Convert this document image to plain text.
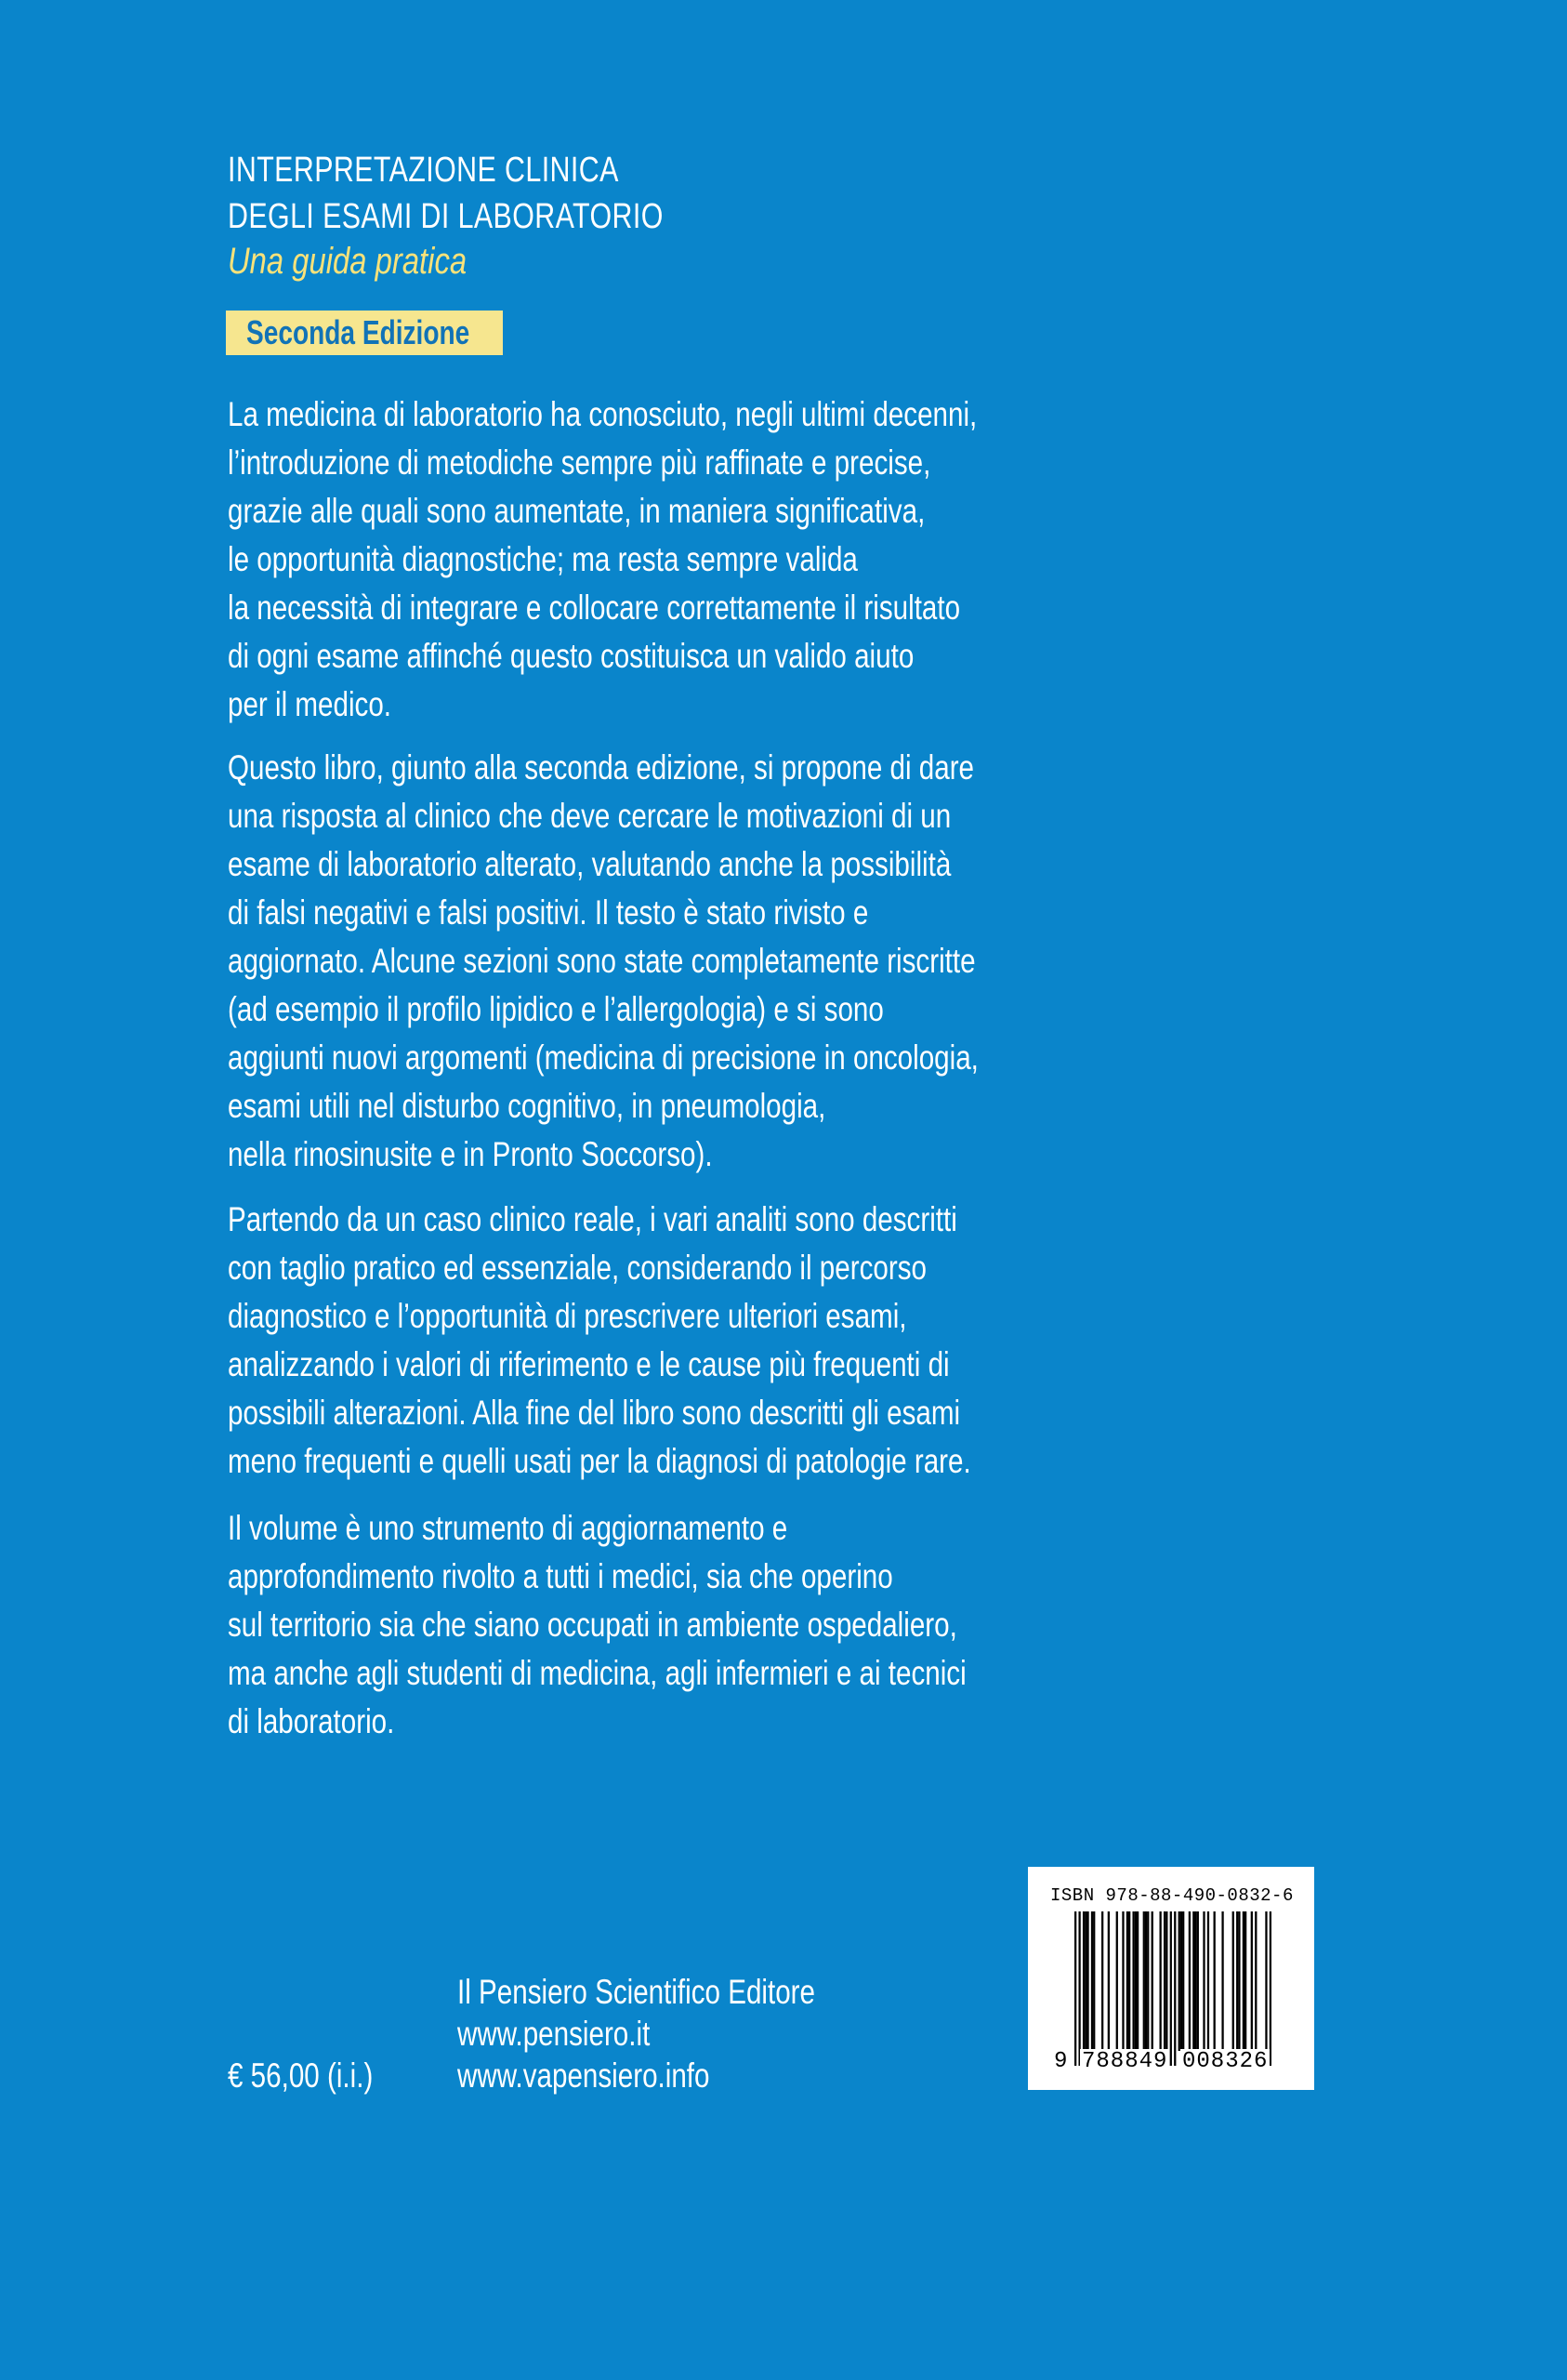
INTERPRETAZIONE CLINICA
DEGLI ESAMI DI LABORATORIO
Una guida pratica
Seconda Edizione
La medicina di laboratorio ha conosciuto, negli ultimi decenni,
l’introduzione di metodiche sempre più raffinate e precise,
grazie alle quali sono aumentate, in maniera significativa,
le opportunità diagnostiche; ma resta sempre valida
la necessità di integrare e collocare correttamente il risultato
di ogni esame affinché questo costituisca un valido aiuto
per il medico.
Questo libro, giunto alla seconda edizione, si propone di dare
una risposta al clinico che deve cercare le motivazioni di un
esame di laboratorio alterato, valutando anche la possibilità
di falsi negativi e falsi positivi. Il testo è stato rivisto e
aggiornato. Alcune sezioni sono state completamente riscritte
(ad esempio il profilo lipidico e l’allergologia) e si sono
aggiunti nuovi argomenti (medicina di precisione in oncologia,
esami utili nel disturbo cognitivo, in pneumologia,
nella rinosinusite e in Pronto Soccorso).
Partendo da un caso clinico reale, i vari analiti sono descritti
con taglio pratico ed essenziale, considerando il percorso
diagnostico e l’opportunità di prescrivere ulteriori esami,
analizzando i valori di riferimento e le cause più frequenti di
possibili alterazioni. Alla fine del libro sono descritti gli esami
meno frequenti e quelli usati per la diagnosi di patologie rare.
Il volume è uno strumento di aggiornamento e
approfondimento rivolto a tutti i medici, sia che operino
sul territorio sia che siano occupati in ambiente ospedaliero,
ma anche agli studenti di medicina, agli infermieri e ai tecnici
di laboratorio.
Il Pensiero Scientifico Editore
www.pensiero.it
www.vapensiero.info
€ 56,00 (i.i.)
ISBN 978-88-490-0832-6
9 788849 008326
